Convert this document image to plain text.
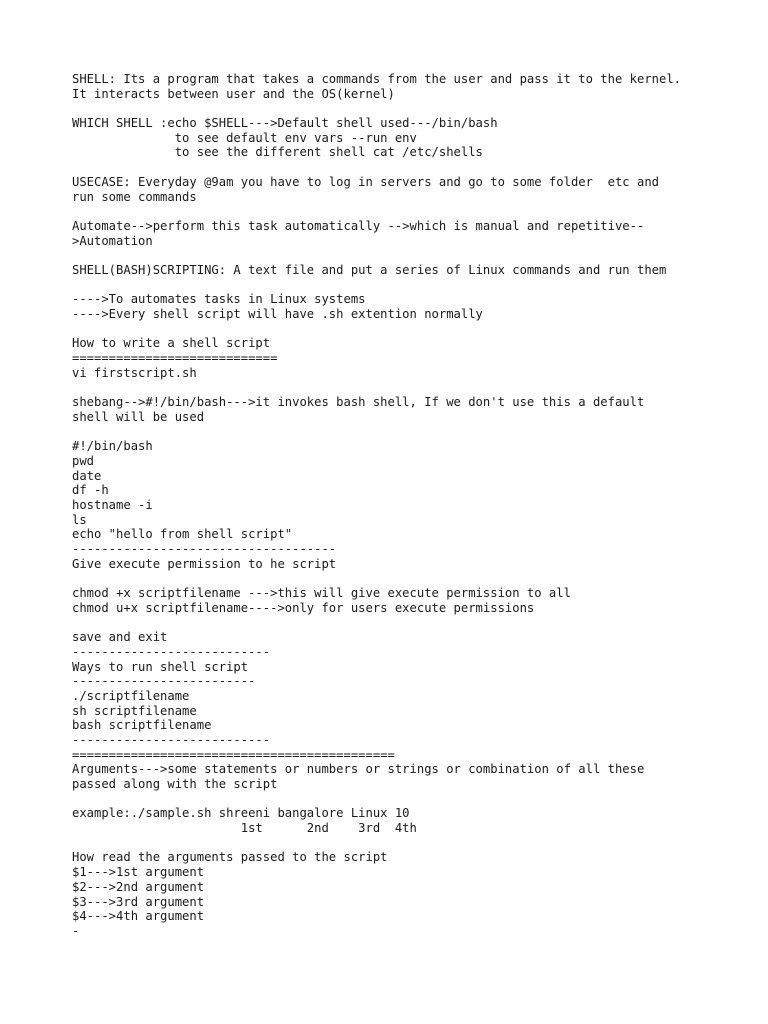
SHELL: Its a program that takes a commands from the user and pass it to the kernel.
It interacts between user and the OS(kernel)
WHICH SHELL :echo $SHELL--->Default shell used---/bin/bash
to see default env vars --run env
to see the different shell cat /etc/shells
USECASE: Everyday @9am you have to log in servers and go to some folder  etc and
run some commands
Automate-->perform this task automatically -->which is manual and repetitive--
>Automation
SHELL(BASH)SCRIPTING: A text file and put a series of Linux commands and run them
---->To automates tasks in Linux systems
---->Every shell script will have .sh extention normally
How to write a shell script
============================
vi firstscript.sh
shebang-->#!/bin/bash--->it invokes bash shell, If we don't use this a default
shell will be used
#!/bin/bash
pwd
date
df -h
hostname -i
ls
echo "hello from shell script"
------------------------------------
Give execute permission to he script
chmod +x scriptfilename --->this will give execute permission to all
chmod u+x scriptfilename---->only for users execute permissions
save and exit
---------------------------
Ways to run shell script
-------------------------
./scriptfilename
sh scriptfilename
bash scriptfilename
---------------------------
============================================
Arguments--->some statements or numbers or strings or combination of all these
passed along with the script
example:./sample.sh shreeni bangalore Linux 10
1st      2nd    3rd  4th
How read the arguments passed to the script
$1--->1st argument
$2--->2nd argument
$3--->3rd argument
$4--->4th argument
-
